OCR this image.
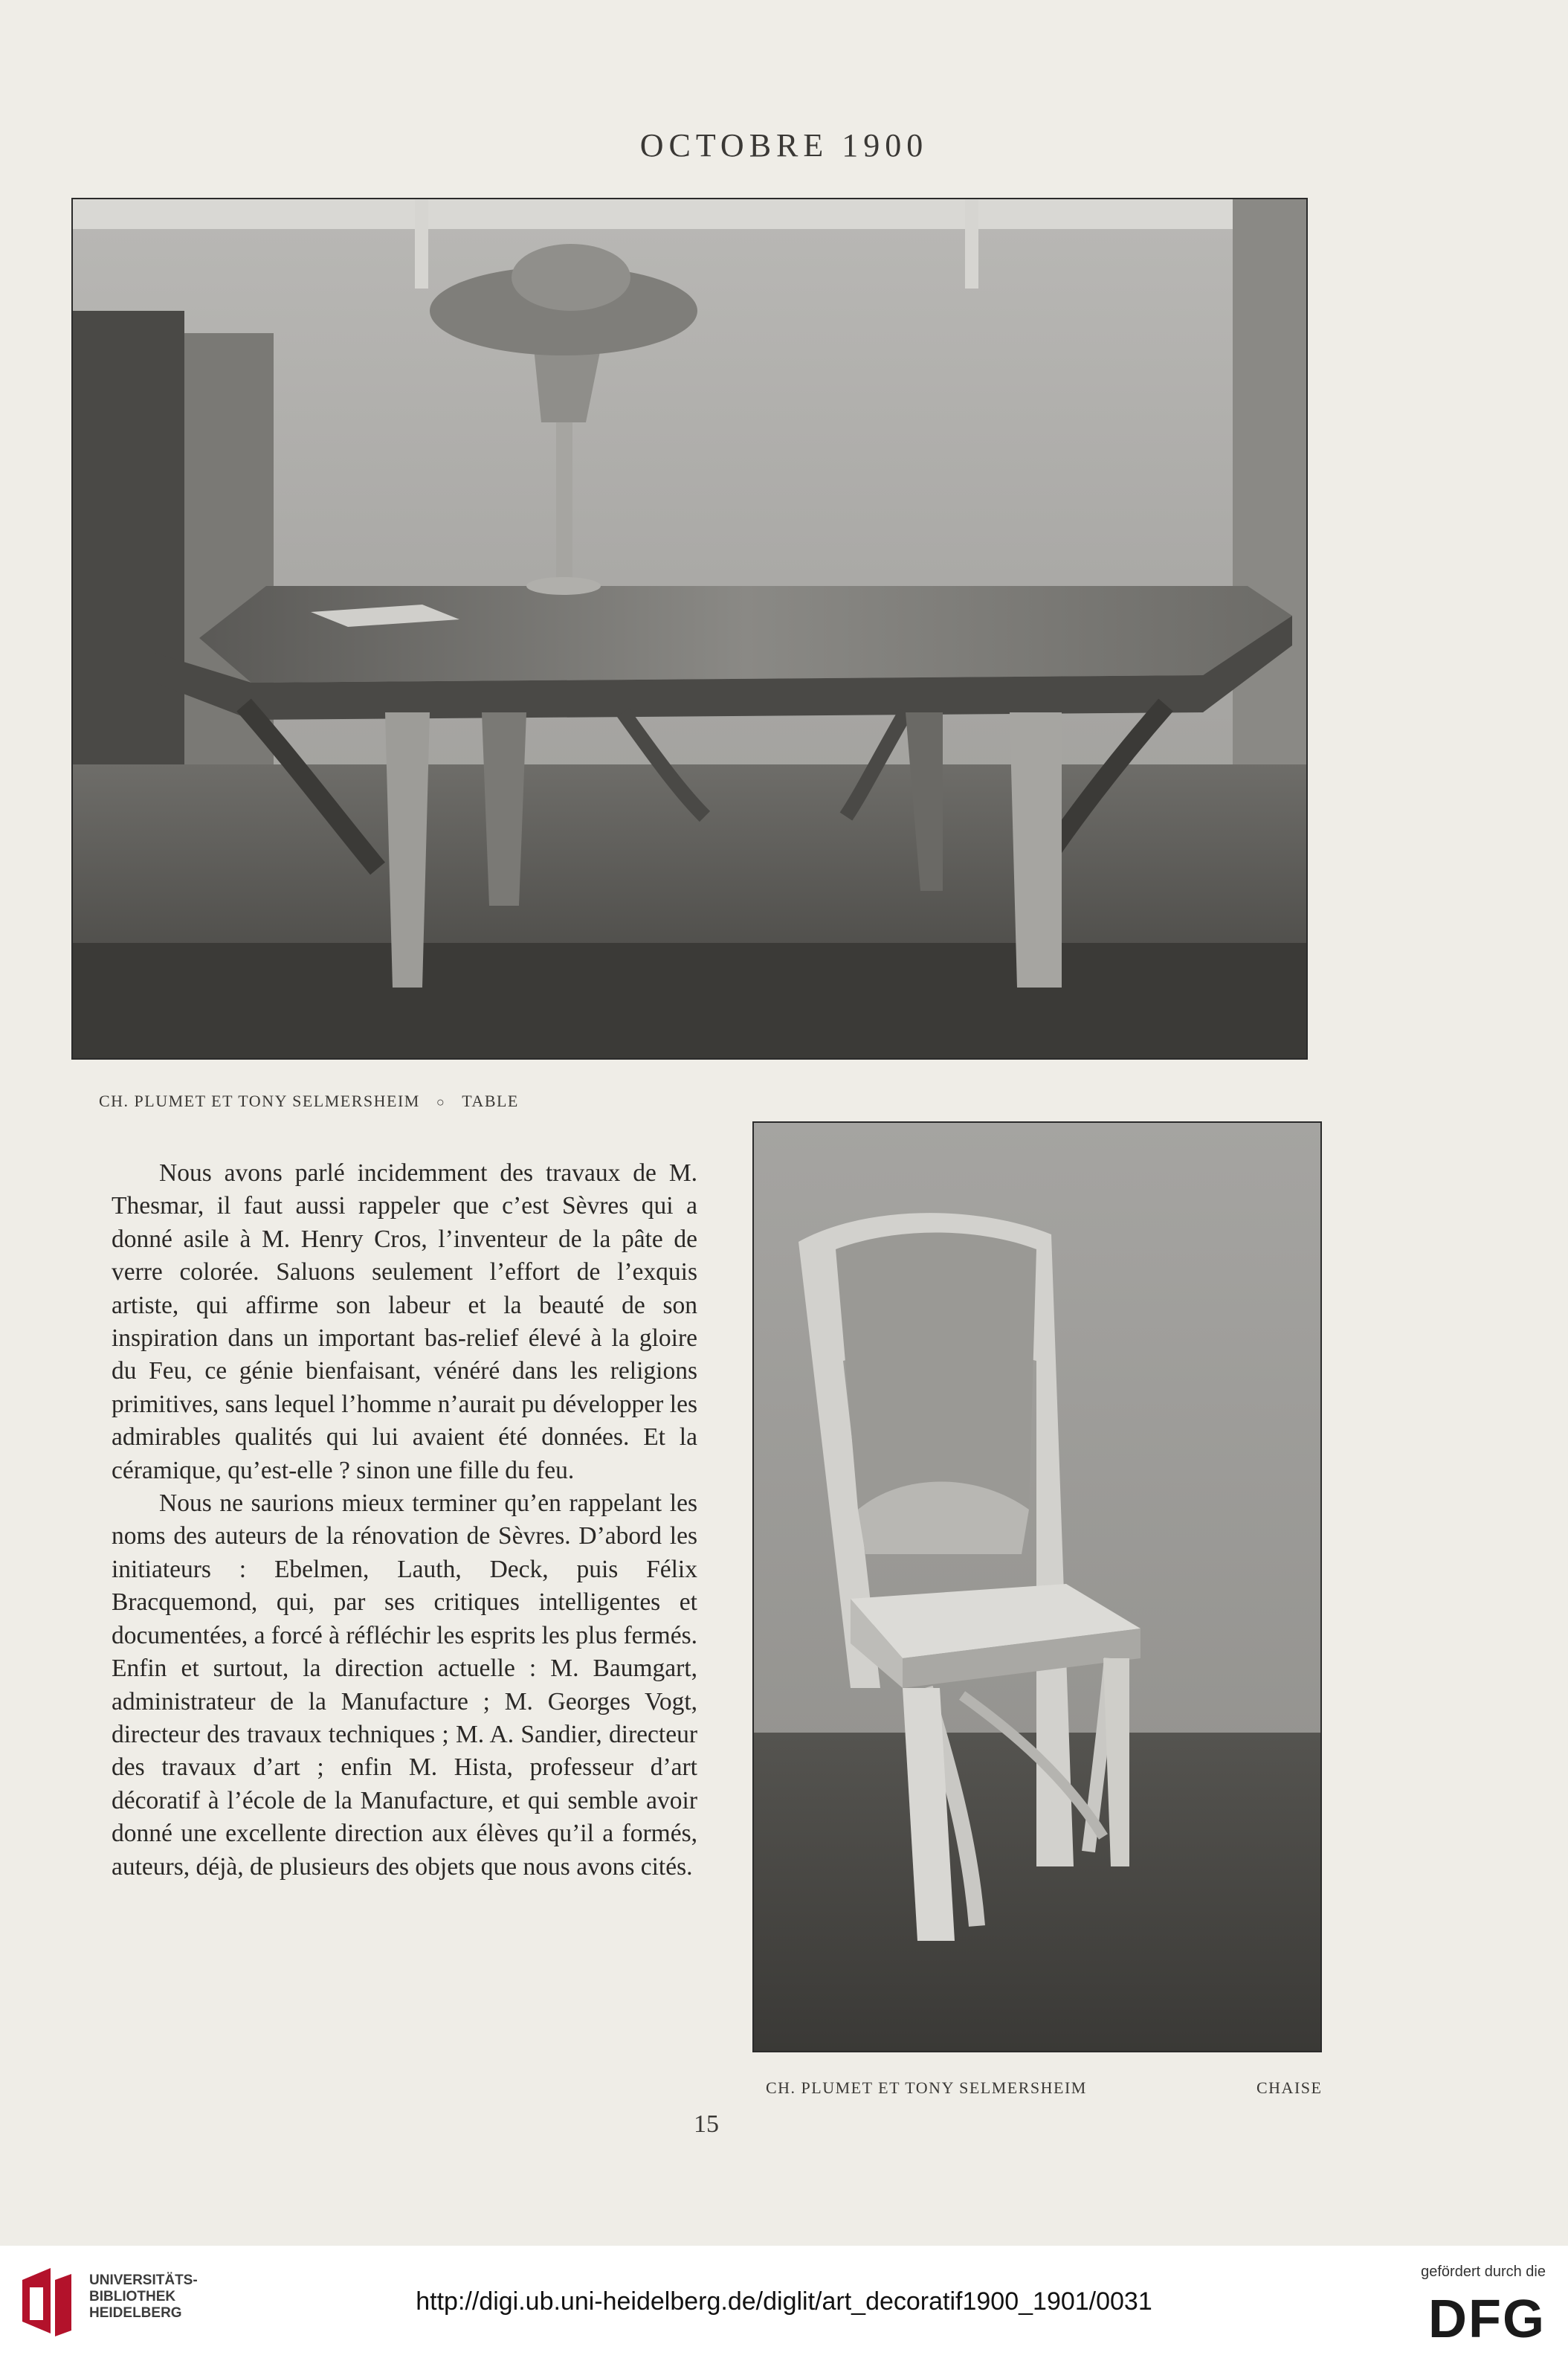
OCTOBRE 1900
CH. PLUMET ET TONY SELMERSHEIM ○ TABLE
CH. PLUMET ET TONY SELMERSHEIM	CHAISE

Nous avons parlé incidemment des travaux de M. Thesmar, il faut aussi rappeler que c’est Sèvres qui a donné asile à M. Henry Cros, l’inventeur de la pâte de verre colorée. Saluons seulement l’effort de l’exquis artiste, qui affirme son labeur et la beauté de son inspiration dans un important bas-relief élevé à la gloire du Feu, ce génie bienfaisant, vénéré dans les religions primitives, sans lequel l’homme n’aurait pu développer les admirables qualités qui lui avaient été données. Et la céramique, qu’est-elle ? sinon une fille du feu.

Nous ne saurions mieux terminer qu’en rappelant les noms des auteurs de la rénovation de Sèvres. D’abord les initiateurs : Ebelmen, Lauth, Deck, puis Félix Bracquemond, qui, par ses critiques intelligentes et documentées, a forcé à réfléchir les esprits les plus fermés. Enfin et surtout, la direction actuelle : M. Baumgart, administrateur de la Manufacture ; M. Georges Vogt, directeur des travaux techniques ; M. A. Sandier, directeur des travaux d’art ; enfin M. Hista, professeur d’art décoratif à l’école de la Manufacture, et qui semble avoir donné une excellente direction aux élèves qu’il a formés, auteurs, déjà, de plusieurs des objets que nous avons cités.

15
UNIVERSITÄTS-
BIBLIOTHEK
HEIDELBERG	http://digi.ub.uni-heidelberg.de/diglit/art_decoratif1900_1901/0031
gefördert durch die
DFG
